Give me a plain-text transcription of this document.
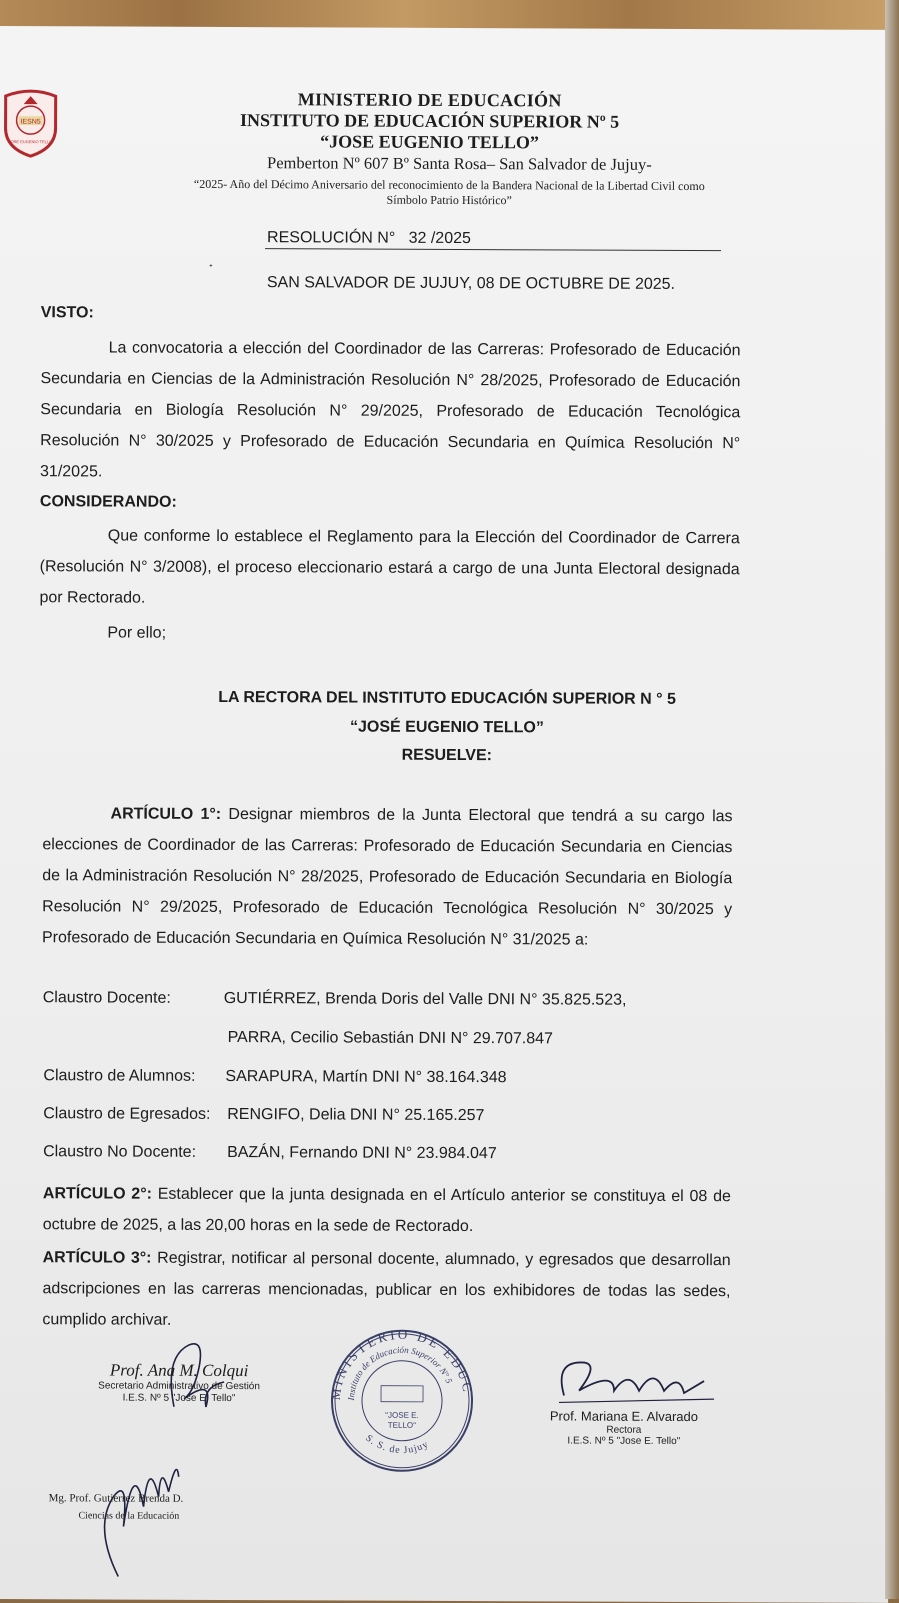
IESN5
JOSE EUGENIO TELLO
MINISTERIO DE EDUCACIÓN
INSTITUTO DE EDUCACIÓN SUPERIOR Nº 5
“JOSE EUGENIO TELLO”
Pemberton Nº 607 Bº Santa Rosa– San Salvador de Jujuy-
“2025- Año del Décimo Aniversario del reconocimiento de la Bandera Nacional de la Libertad Civil como
Símbolo Patrio Histórico”
RESOLUCIÓN N° 32 /2025
ᐩ
SAN SALVADOR DE JUJUY, 08 DE OCTUBRE DE 2025.
VISTO:
La convocatoria a elección del Coordinador de las Carreras: Profesorado de Educación Secundaria en Ciencias de la Administración Resolución N° 28/2025, Profesorado de Educación Secundaria en Biología Resolución N° 29/2025, Profesorado de Educación Tecnológica Resolución N° 30/2025 y Profesorado de Educación Secundaria en Química Resolución N° 31/2025.
CONSIDERANDO:
Que conforme lo establece el Reglamento para la Elección del Coordinador de Carrera (Resolución N° 3/2008), el proceso eleccionario estará a cargo de una Junta Electoral designada por Rectorado.
Por ello;
LA RECTORA DEL INSTITUTO EDUCACIÓN SUPERIOR N ° 5
“JOSÉ EUGENIO TELLO”
RESUELVE:
ARTÍCULO 1°: Designar miembros de la Junta Electoral que tendrá a su cargo las elecciones de Coordinador de las Carreras: Profesorado de Educación Secundaria en Ciencias de la Administración Resolución N° 28/2025, Profesorado de Educación Secundaria en Biología Resolución N° 29/2025, Profesorado de Educación Tecnológica Resolución N° 30/2025 y Profesorado de Educación Secundaria en Química Resolución N° 31/2025 a:
Claustro Docente:	GUTIÉRREZ, Brenda Doris del Valle DNI N° 35.825.523,
PARRA, Cecilio Sebastián DNI N° 29.707.847
Claustro de Alumnos: SARAPURA, Martín DNI N° 38.164.348
Claustro de Egresados: RENGIFO, Delia DNI N° 25.165.257
Claustro No Docente: BAZÁN, Fernando DNI N° 23.984.047
ARTÍCULO 2°: Establecer que la junta designada en el Artículo anterior se constituya el 08 de octubre de 2025, a las 20,00 horas en la sede de Rectorado.
ARTÍCULO 3°: Registrar, notificar al personal docente, alumnado, y egresados que desarrollan adscripciones en las carreras mencionadas, publicar en los exhibidores de todas las sedes, cumplido archivar.
Prof. Ana M. Colqui
Secretario Administrativo de Gestión
I.E.S. Nº 5 "Jose E. Tello"	MINISTERIO DE EDUCACIÓN
Instituto de Educación Superior Nº 5
"JOSE E.
TELLO"
S. S. de Jujuy
Prof. Mariana E. Alvarado
Rectora
I.E.S. Nº 5 "Jose E. Tello"
Mg. Prof. Gutierrez Brenda D.
Ciencias de la Educación
